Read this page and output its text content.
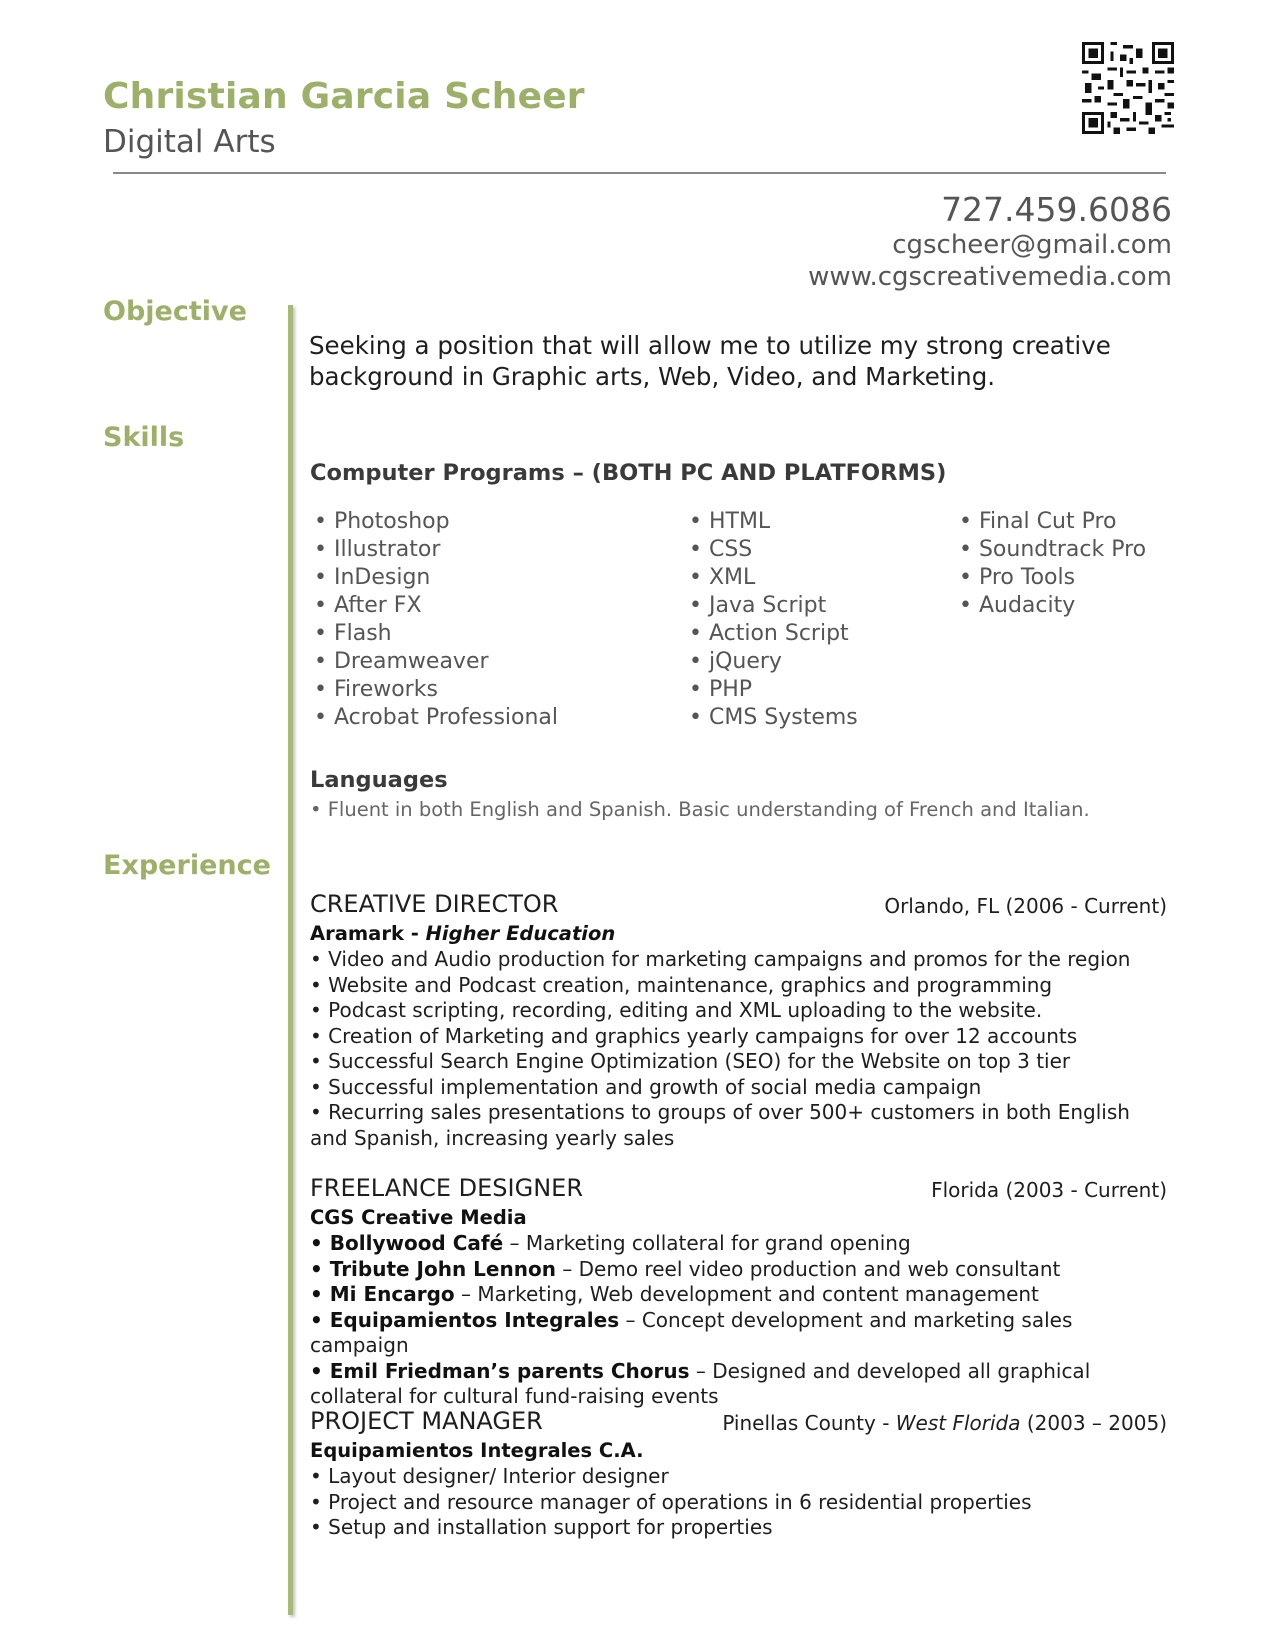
Christian Garcia Scheer
Digital Arts
727.459.6086
cgscheer@gmail.com
www.cgscreativemedia.com
Objective
Skills
Experience
Seeking a position that will allow me to utilize my strong creative background in Graphic arts, Web, Video, and Marketing.
Computer Programs – (BOTH PC AND PLATFORMS)
• Photoshop
• Illustrator
• InDesign
• After FX
• Flash
• Dreamweaver
• Fireworks
• Acrobat Professional
• HTML
• CSS
• XML
• Java Script
• Action Script
• jQuery
• PHP
• CMS Systems
• Final Cut Pro
• Soundtrack Pro
• Pro Tools
• Audacity
Languages
• Fluent in both English and Spanish. Basic understanding of French and Italian.
CREATIVE DIRECTOR	Orlando, FL (2006 - Current)
Aramark - Higher Education
• Video and Audio production for marketing campaigns and promos for the region
• Website and Podcast creation, maintenance, graphics and programming
• Podcast scripting, recording, editing and XML uploading to the website.
• Creation of Marketing and graphics yearly campaigns for over 12 accounts
• Successful Search Engine Optimization (SEO) for the Website on top 3 tier
• Successful implementation and growth of social media campaign
• Recurring sales presentations to groups of over 500+ customers in both English and Spanish, increasing yearly sales
FREELANCE DESIGNER	Florida (2003 - Current)
CGS Creative Media
• Bollywood Café – Marketing collateral for grand opening
• Tribute John Lennon – Demo reel video production and web consultant
• Mi Encargo – Marketing, Web development and content management
• Equipamientos Integrales – Concept development and marketing sales campaign
• Emil Friedman’s parents Chorus – Designed and developed all graphical collateral for cultural fund-raising events
PROJECT MANAGER	Pinellas County - West Florida (2003 – 2005)
Equipamientos Integrales C.A.
• Layout designer/ Interior designer
• Project and resource manager of operations in 6 residential properties
• Setup and installation support for properties
